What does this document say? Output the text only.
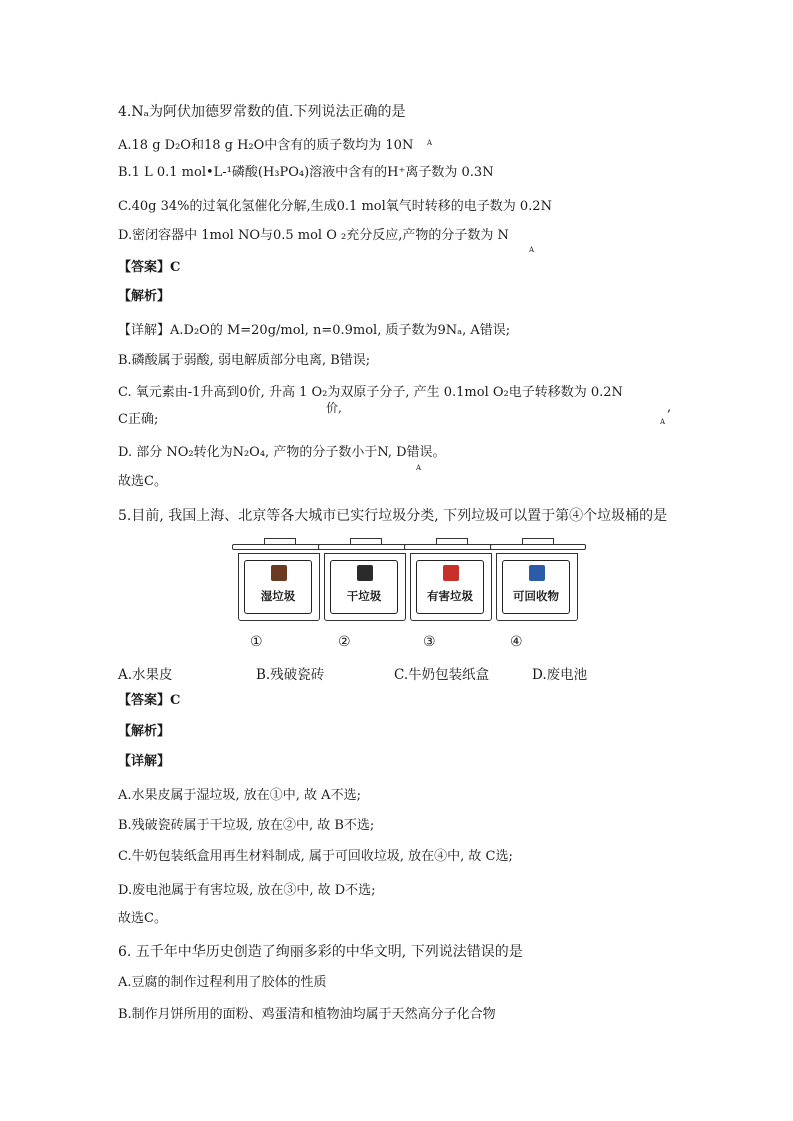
4.Nₐ为阿伏加德罗常数的值.下列说法正确的是
A.18 g D₂O和18 g H₂O中含有的质子数均为 10N A
B.1 L 0.1 mol•L-¹磷酸(H₃PO₄)溶液中含有的H⁺离子数为 0.3N
C.40g 34%的过氧化氢催化分解,生成0.1 mol氧气时转移的电子数为 0.2N
D.密闭容器中 1mol NO与0.5 mol O ₂充分反应,产物的分子数为 N
A
【答案】C
【解析】
【详解】A.D₂O的 M=20g/mol, n=0.9mol, 质子数为9Nₐ, A错误;
B.磷酸属于弱酸, 弱电解质部分电离, B错误;
C. 氧元素由-1升高到0价, 升高 1 O₂为双原子分子, 产生 0.1mol O₂电子转移数为 0.2N
价,	,
A
C正确;
D. 部分 NO₂转化为N₂O₄, 产物的分子数小于N, D错误。
A
故选C。
5.目前, 我国上海、北京等各大城市已实行垃圾分类, 下列垃圾可以置于第④个垃圾桶的是
湿垃圾	干垃圾	有害垃圾	可回收物
①	②	③	④
A.水果皮	B.残破瓷砖	C.牛奶包装纸盒	D.废电池
【答案】C
【解析】
【详解】
A.水果皮属于湿垃圾, 放在①中, 故 A不选;
B.残破瓷砖属于干垃圾, 放在②中, 故 B不选;
C.牛奶包装纸盒用再生材料制成, 属于可回收垃圾, 放在④中, 故 C选;
D.废电池属于有害垃圾, 放在③中, 故 D不选;
故选C。
6. 五千年中华历史创造了绚丽多彩的中华文明, 下列说法错误的是
A.豆腐的制作过程利用了胶体的性质
B.制作月饼所用的面粉、鸡蛋清和植物油均属于天然高分子化合物
